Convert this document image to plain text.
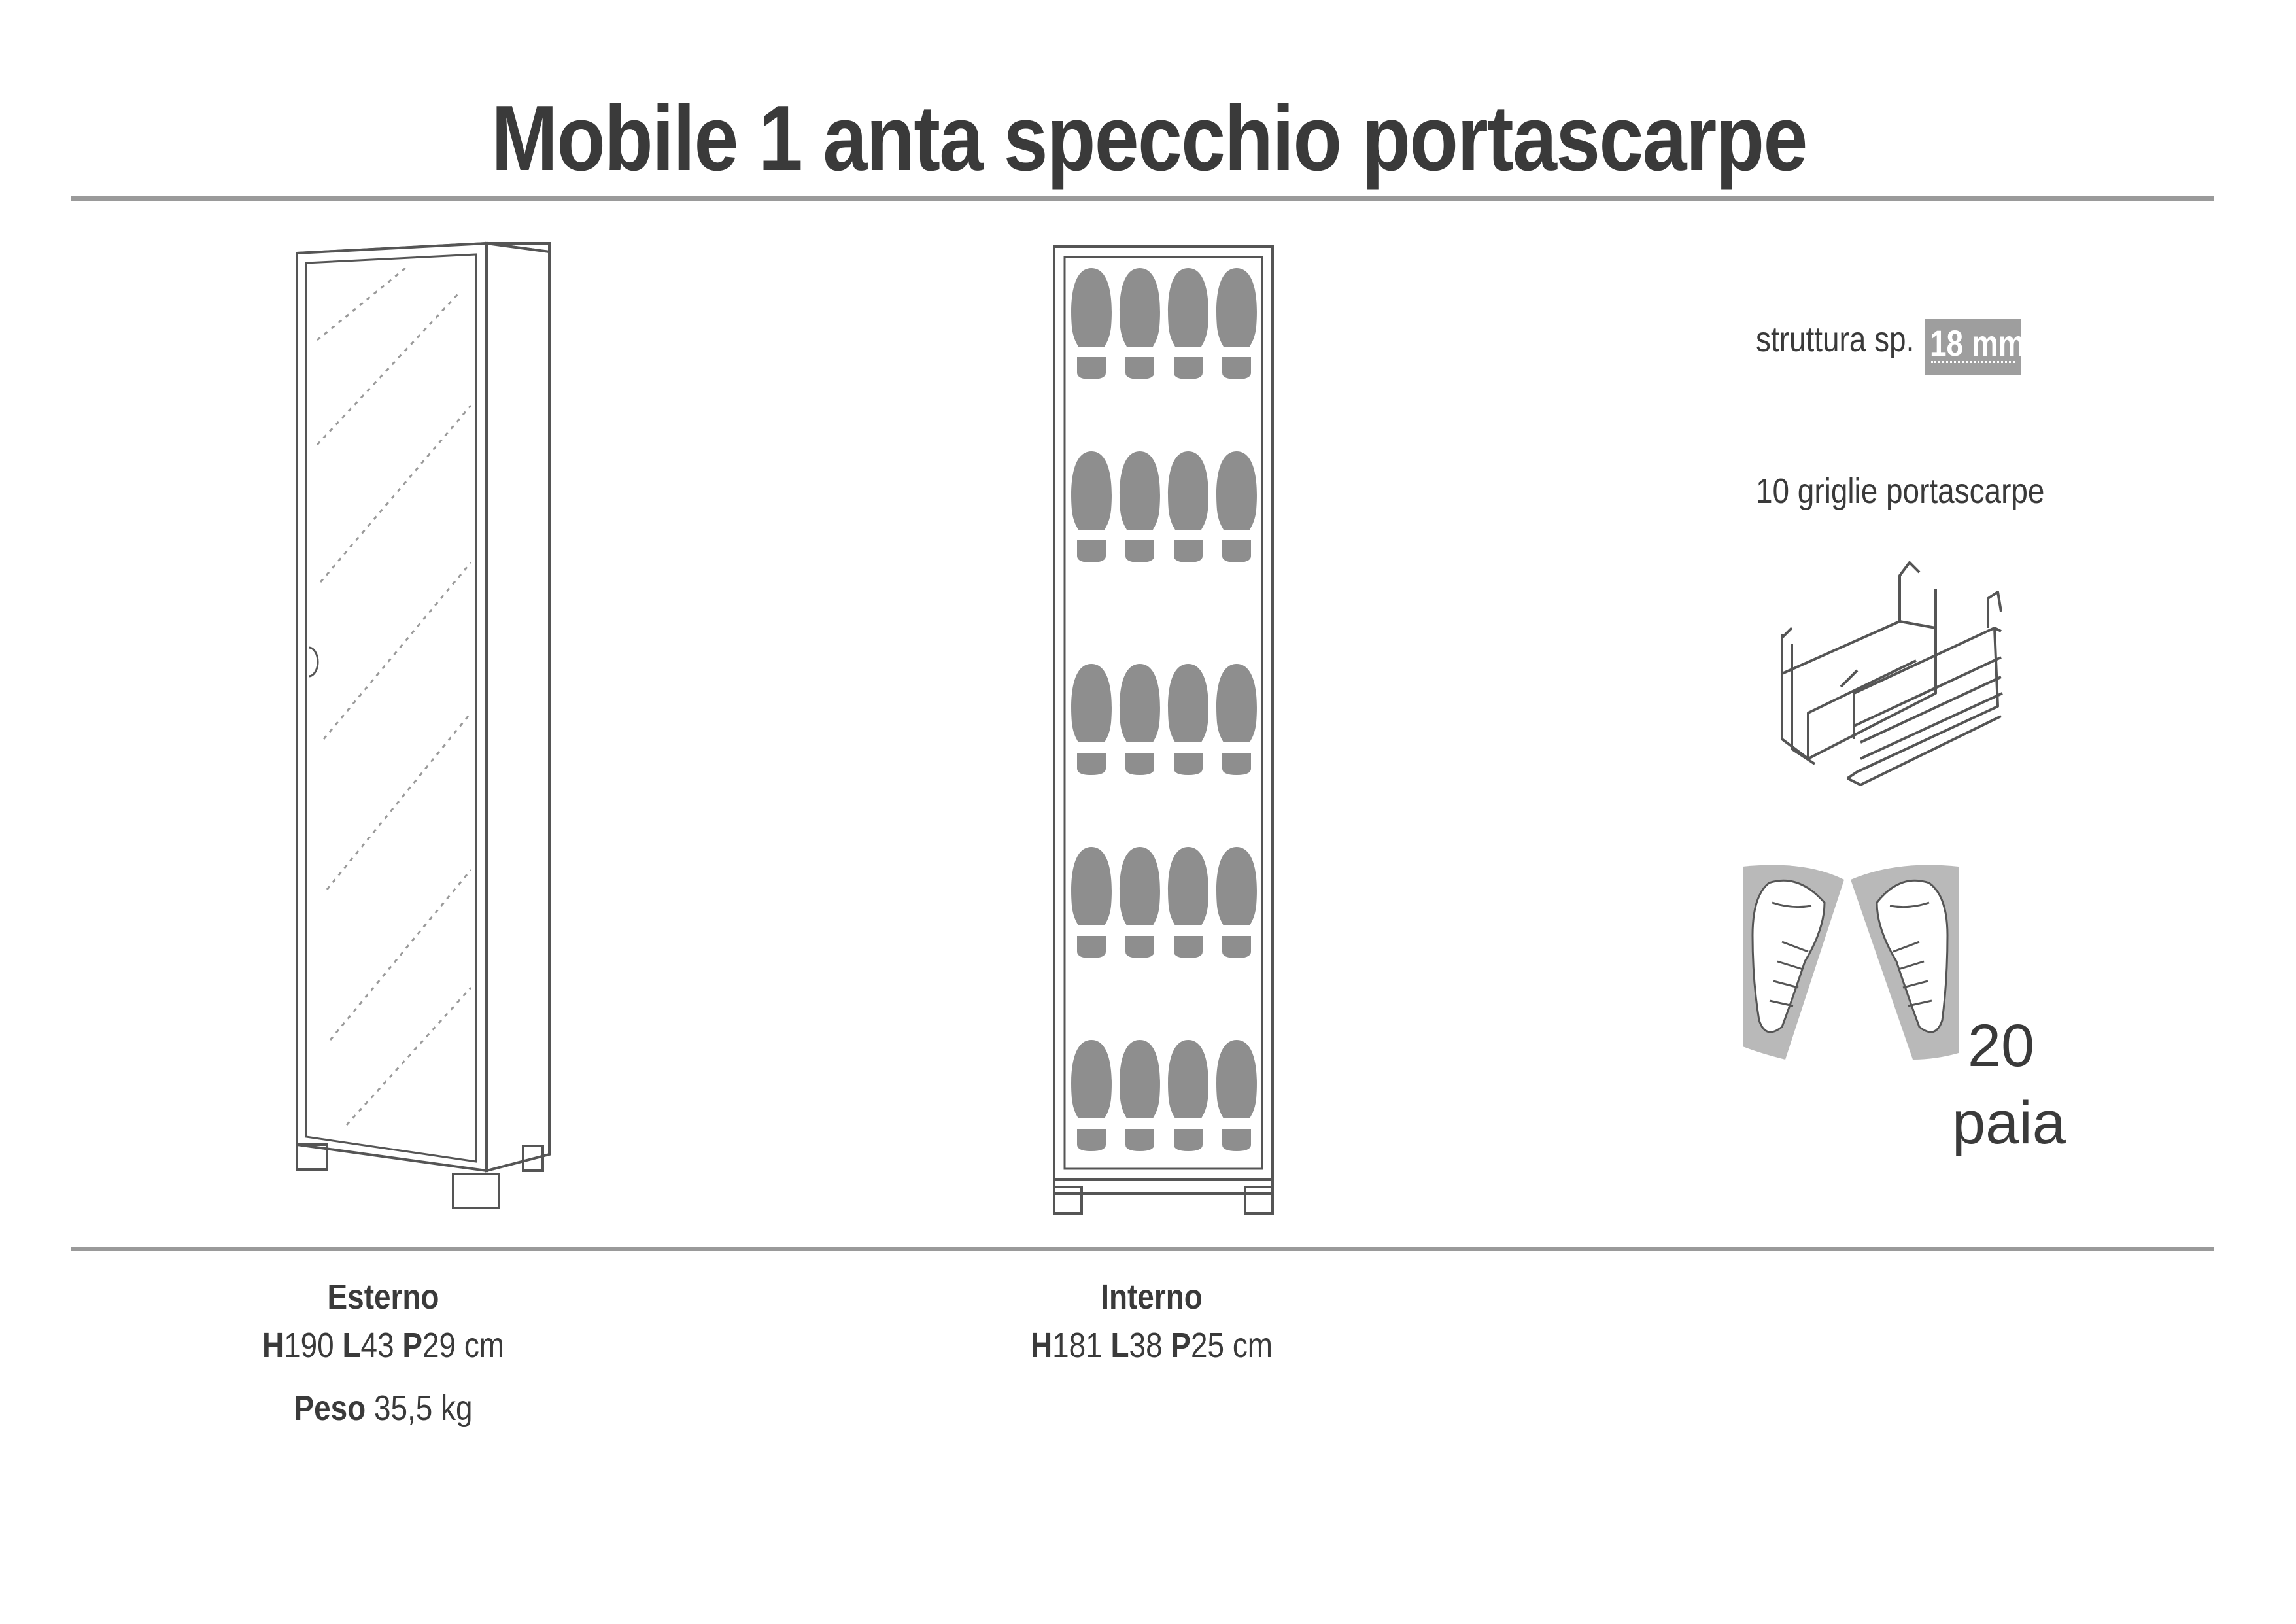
Mobile 1 anta specchio portascarpe
struttura sp. 18 mm
10 griglie portascarpe
20
paia
Esterno
H190 L43 P29 cm
Peso 35,5 kg
Interno
H181 L38 P25 cm
